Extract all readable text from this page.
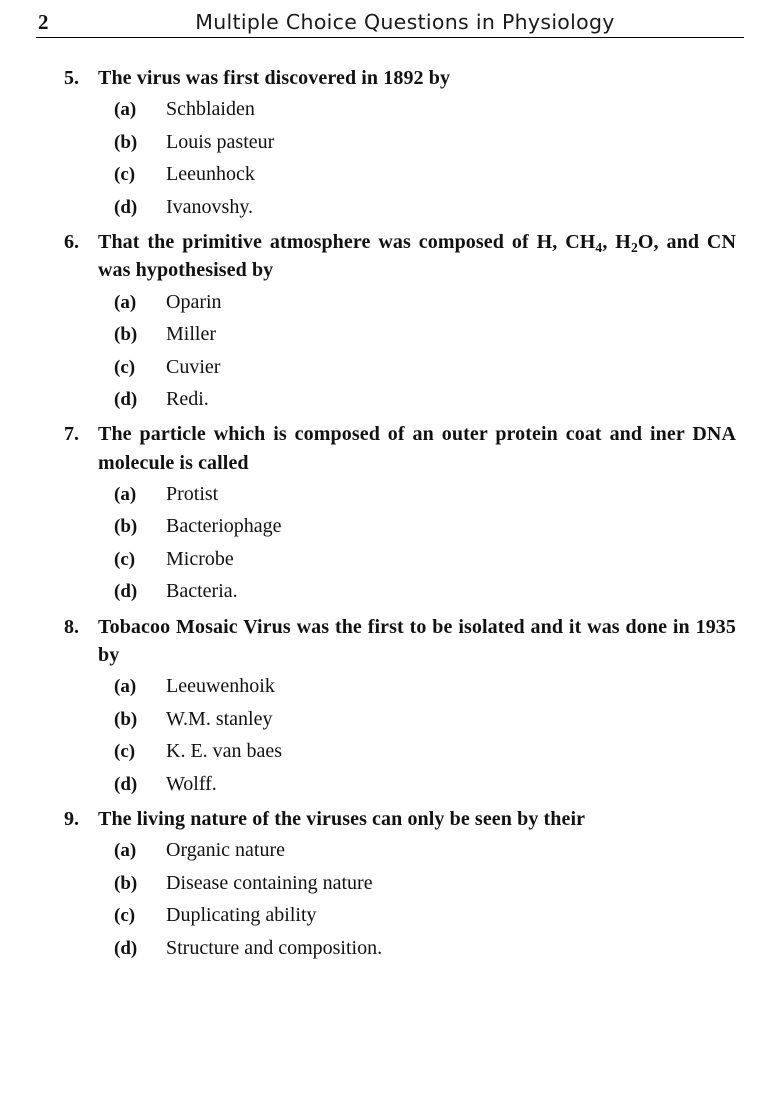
2	Multiple Choice Questions in Physiology
5. The virus was first discovered in 1892 by
(a)	Schblaiden
(b)	Louis pasteur
(c)	Leeunhock
(d)	Ivanovshy.
6. That the primitive atmosphere was composed of H, $CH_4$, $H_2O$, and CN was hypothesised by
(a)	Oparin
(b)	Miller
(c)	Cuvier
(d)	Redi.
7. The particle which is composed of an outer protein coat and iner DNA molecule is called
(a)	Protist
(b)	Bacteriophage
(c)	Microbe
(d)	Bacteria.
8. Tobacoo Mosaic Virus was the first to be isolated and it was done in 1935 by
(a)	Leeuwenhoik
(b)	W.M. stanley
(c)	K. E. van baes
(d)	Wolff.
9. The living nature of the viruses can only be seen by their
(a)	Organic nature
(b)	Disease containing nature
(c)	Duplicating ability
(d)	Structure and composition.
